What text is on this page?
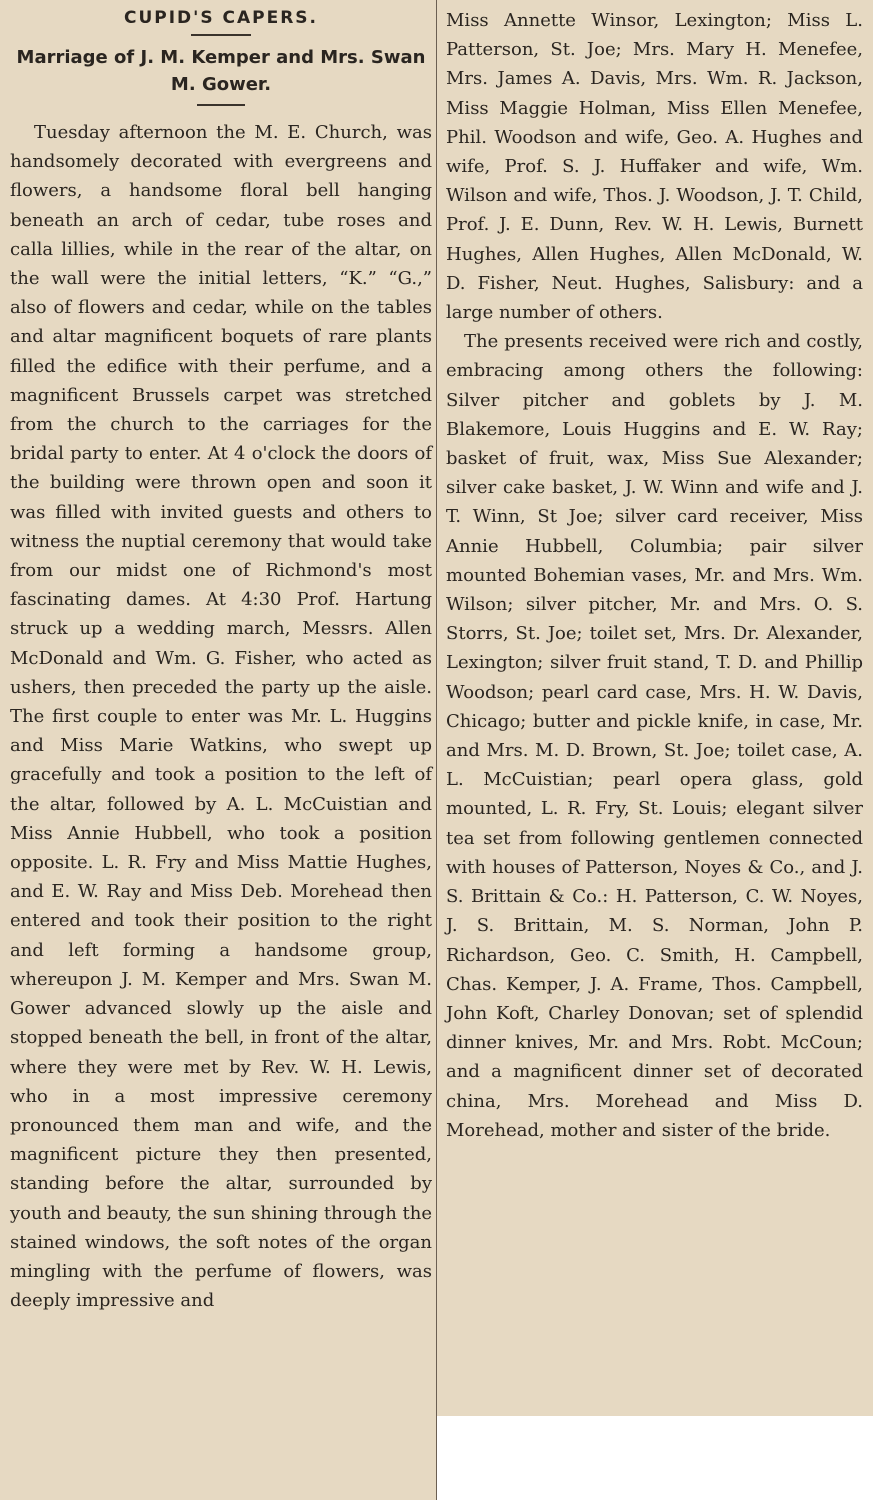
CUPID'S CAPERS.
Marriage of J. M. Kemper and Mrs. Swan M. Gower.

Tuesday afternoon the M. E. Church, was handsomely decorated with evergreens and flowers, a handsome floral bell hanging beneath an arch of cedar, tube roses and calla lillies, while in the rear of the altar, on the wall were the initial letters, “K.” “G.,” also of flowers and cedar, while on the tables and altar magnificent boquets of rare plants filled the edifice with their perfume, and a magnificent Brussels carpet was stretched from the church to the carriages for the bridal party to enter. At 4 o'clock the doors of the building were thrown open and soon it was filled with invited guests and others to witness the nuptial ceremony that would take from our midst one of Richmond's most fascinating dames. At 4:30 Prof. Hartung struck up a wedding march, Messrs. Allen McDonald and Wm. G. Fisher, who acted as ushers, then preceded the party up the aisle. The first couple to enter was Mr. L. Huggins and Miss Marie Watkins, who swept up gracefully and took a position to the left of the altar, followed by A. L. McCuistian and Miss Annie Hubbell, who took a position opposite. L. R. Fry and Miss Mattie Hughes, and E. W. Ray and Miss Deb. Morehead then entered and took their position to the right and left forming a handsome group, whereupon J. M. Kemper and Mrs. Swan M. Gower advanced slowly up the aisle and stopped beneath the bell, in front of the altar, where they were met by Rev. W. H. Lewis, who in a most impressive ceremony pronounced them man and wife, and the magnificent picture they then presented, standing before the altar, surrounded by youth and beauty, the sun shining through the stained windows, the soft notes of the organ mingling with the perfume of flowers, was deeply impressive and

Miss Annette Winsor, Lexington; Miss L. Patterson, St. Joe; Mrs. Mary H. Menefee, Mrs. James A. Davis, Mrs. Wm. R. Jackson, Miss Maggie Holman, Miss Ellen Menefee, Phil. Woodson and wife, Geo. A. Hughes and wife, Prof. S. J. Huffaker and wife, Wm. Wilson and wife, Thos. J. Woodson, J. T. Child, Prof. J. E. Dunn, Rev. W. H. Lewis, Burnett Hughes, Allen Hughes, Allen McDonald, W. D. Fisher, Neut. Hughes, Salisbury: and a large number of others.

The presents received were rich and costly, embracing among others the following: Silver pitcher and goblets by J. M. Blakemore, Louis Huggins and E. W. Ray; basket of fruit, wax, Miss Sue Alexander; silver cake basket, J. W. Winn and wife and J. T. Winn, St Joe; silver card receiver, Miss Annie Hubbell, Columbia; pair silver mounted Bohemian vases, Mr. and Mrs. Wm. Wilson; silver pitcher, Mr. and Mrs. O. S. Storrs, St. Joe; toilet set, Mrs. Dr. Alexander, Lexington; silver fruit stand, T. D. and Phillip Woodson; pearl card case, Mrs. H. W. Davis, Chicago; butter and pickle knife, in case, Mr. and Mrs. M. D. Brown, St. Joe; toilet case, A. L. McCuistian; pearl opera glass, gold mounted, L. R. Fry, St. Louis; elegant silver tea set from following gentlemen connected with houses of Patterson, Noyes & Co., and J. S. Brittain & Co.: H. Patterson, C. W. Noyes, J. S. Brittain, M. S. Norman, John P. Richardson, Geo. C. Smith, H. Campbell, Chas. Kemper, J. A. Frame, Thos. Campbell, John Koft, Charley Donovan; set of splendid dinner knives, Mr. and Mrs. Robt. McCoun; and a magnificent dinner set of decorated china, Mrs. Morehead and Miss D. Morehead, mother and sister of the bride.
